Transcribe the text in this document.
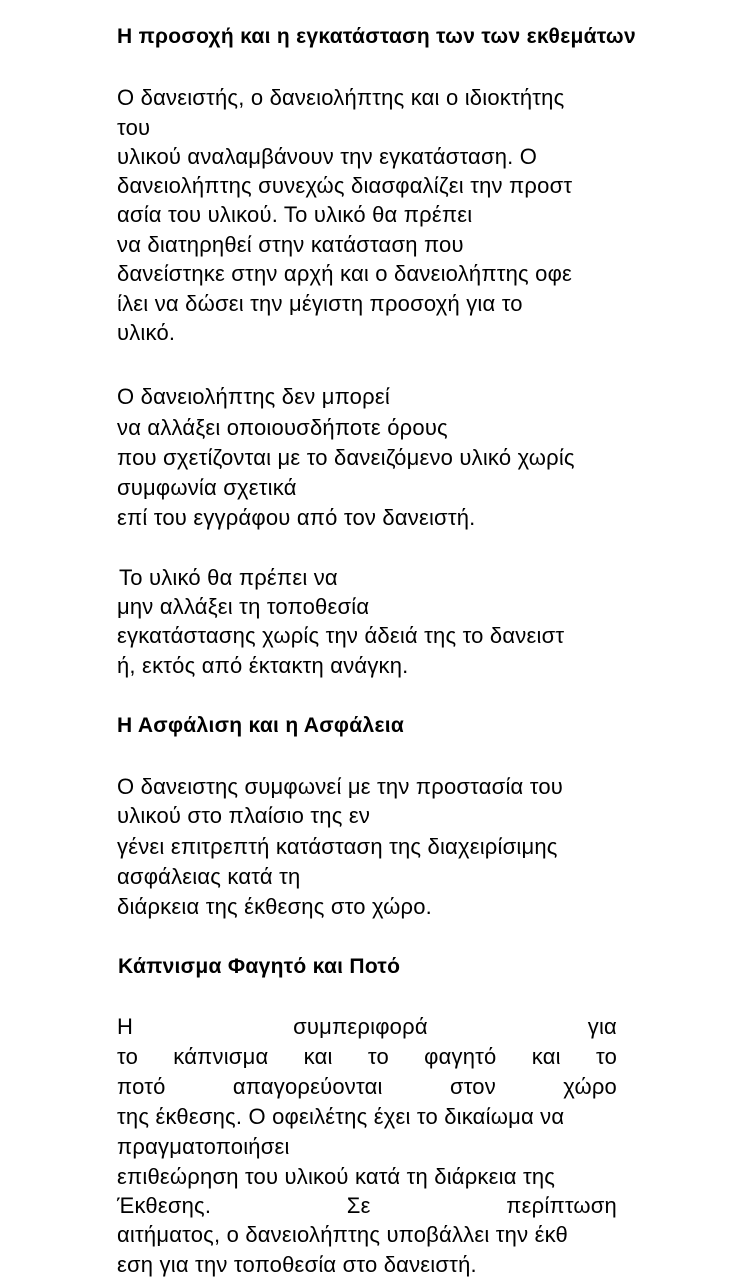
Η προσοχή και η εγκατάσταση των των εκθεμάτων

Ο δανειστής, ο δανειολήπτης και ο ιδιοκτήτης

του

υλικού αναλαμβάνουν την εγκατάσταση. Ο

δανειολήπτης συνεχώς διασφαλίζει την προστ

ασία του υλικού. Το υλικό θα πρέπει

να διατηρηθεί στην κατάσταση που

δανείστηκε στην αρχή και ο δανειολήπτης οφε

ίλει να δώσει την μέγιστη προσοχή για το

υλικό.

Ο δανειολήπτης δεν μπορεί

να αλλάξει οποιουσδήποτε όρους

που σχετίζονται με το δανειζόμενο υλικό χωρίς

συμφωνία σχετικά

επί του εγγράφου από τον δανειστή.

Το υλικό θα πρέπει να

μην αλλάξει τη τοποθεσία

εγκατάστασης χωρίς την άδειά της το δανειστ

ή, εκτός από έκτακτη ανάγκη.

Η Ασφάλιση και η Ασφάλεια

Ο δανειστης συμφωνεί με την προστασία του

υλικού στο πλαίσιο της εν

γένει επιτρεπτή κατάσταση της διαχειρίσιμης

ασφάλειας κατά τη

διάρκεια της έκθεσης στο χώρο.

Κάπνισμα Φαγητό και Ποτό

Η	συμπεριφορά	για
το κάπνισμα και το φαγητό και το
ποτό	απαγορεύονται	στον	χώρο

της έκθεσης. Ο οφειλέτης έχει το δικαίωμα να

πραγματοποιήσει

επιθεώρηση του υλικού κατά τη διάρκεια της

Έκθεσης.	Σε	περίπτωση

αιτήματος, ο δανειολήπτης υποβάλλει την έκθ

εση για την τοποθεσία στο δανειστή.
